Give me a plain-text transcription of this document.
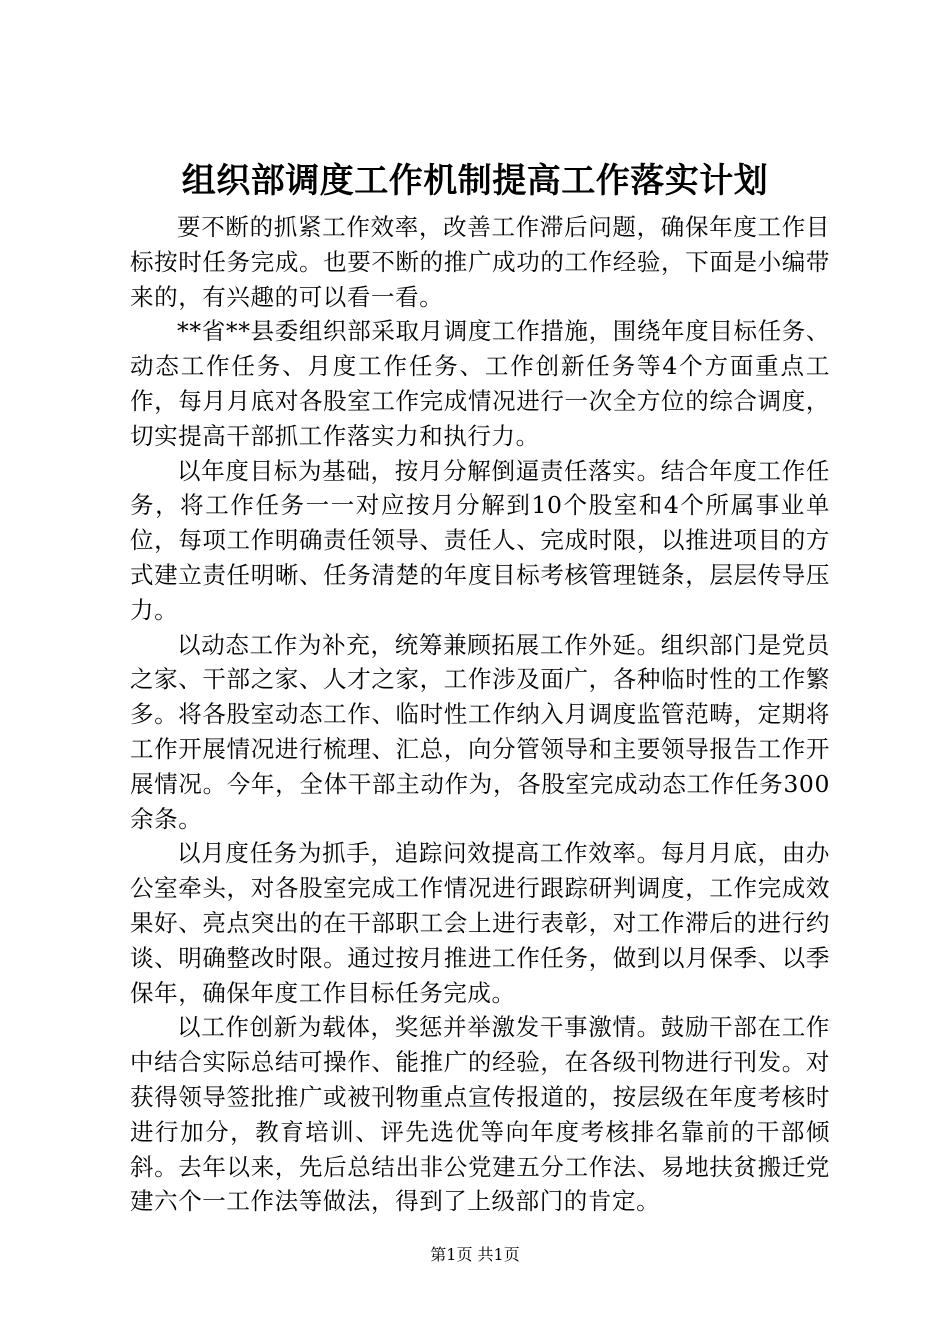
组织部调度工作机制提高工作落实计划

要不断的抓紧工作效率，改善工作滞后问题，确保年度工作目标按时任务完成。也要不断的推广成功的工作经验，下面是小编带来的，有兴趣的可以看一看。

**省**县委组织部采取月调度工作措施，围绕年度目标任务、动态工作任务、月度工作任务、工作创新任务等4个方面重点工作，每月月底对各股室工作完成情况进行一次全方位的综合调度，切实提高干部抓工作落实力和执行力。

以年度目标为基础，按月分解倒逼责任落实。结合年度工作任务，将工作任务一一对应按月分解到10个股室和4个所属事业单位，每项工作明确责任领导、责任人、完成时限，以推进项目的方式建立责任明晰、任务清楚的年度目标考核管理链条，层层传导压力。

以动态工作为补充，统筹兼顾拓展工作外延。组织部门是党员之家、干部之家、人才之家，工作涉及面广，各种临时性的工作繁多。将各股室动态工作、临时性工作纳入月调度监管范畴，定期将工作开展情况进行梳理、汇总，向分管领导和主要领导报告工作开展情况。今年，全体干部主动作为，各股室完成动态工作任务300余条。

以月度任务为抓手，追踪问效提高工作效率。每月月底，由办公室牵头，对各股室完成工作情况进行跟踪研判调度，工作完成效果好、亮点突出的在干部职工会上进行表彰，对工作滞后的进行约谈、明确整改时限。通过按月推进工作任务，做到以月保季、以季保年，确保年度工作目标任务完成。

以工作创新为载体，奖惩并举激发干事激情。鼓励干部在工作中结合实际总结可操作、能推广的经验，在各级刊物进行刊发。对获得领导签批推广或被刊物重点宣传报道的，按层级在年度考核时进行加分，教育培训、评先选优等向年度考核排名靠前的干部倾斜。去年以来，先后总结出非公党建五分工作法、易地扶贫搬迁党建六个一工作法等做法，得到了上级部门的肯定。

第1页 共1页
